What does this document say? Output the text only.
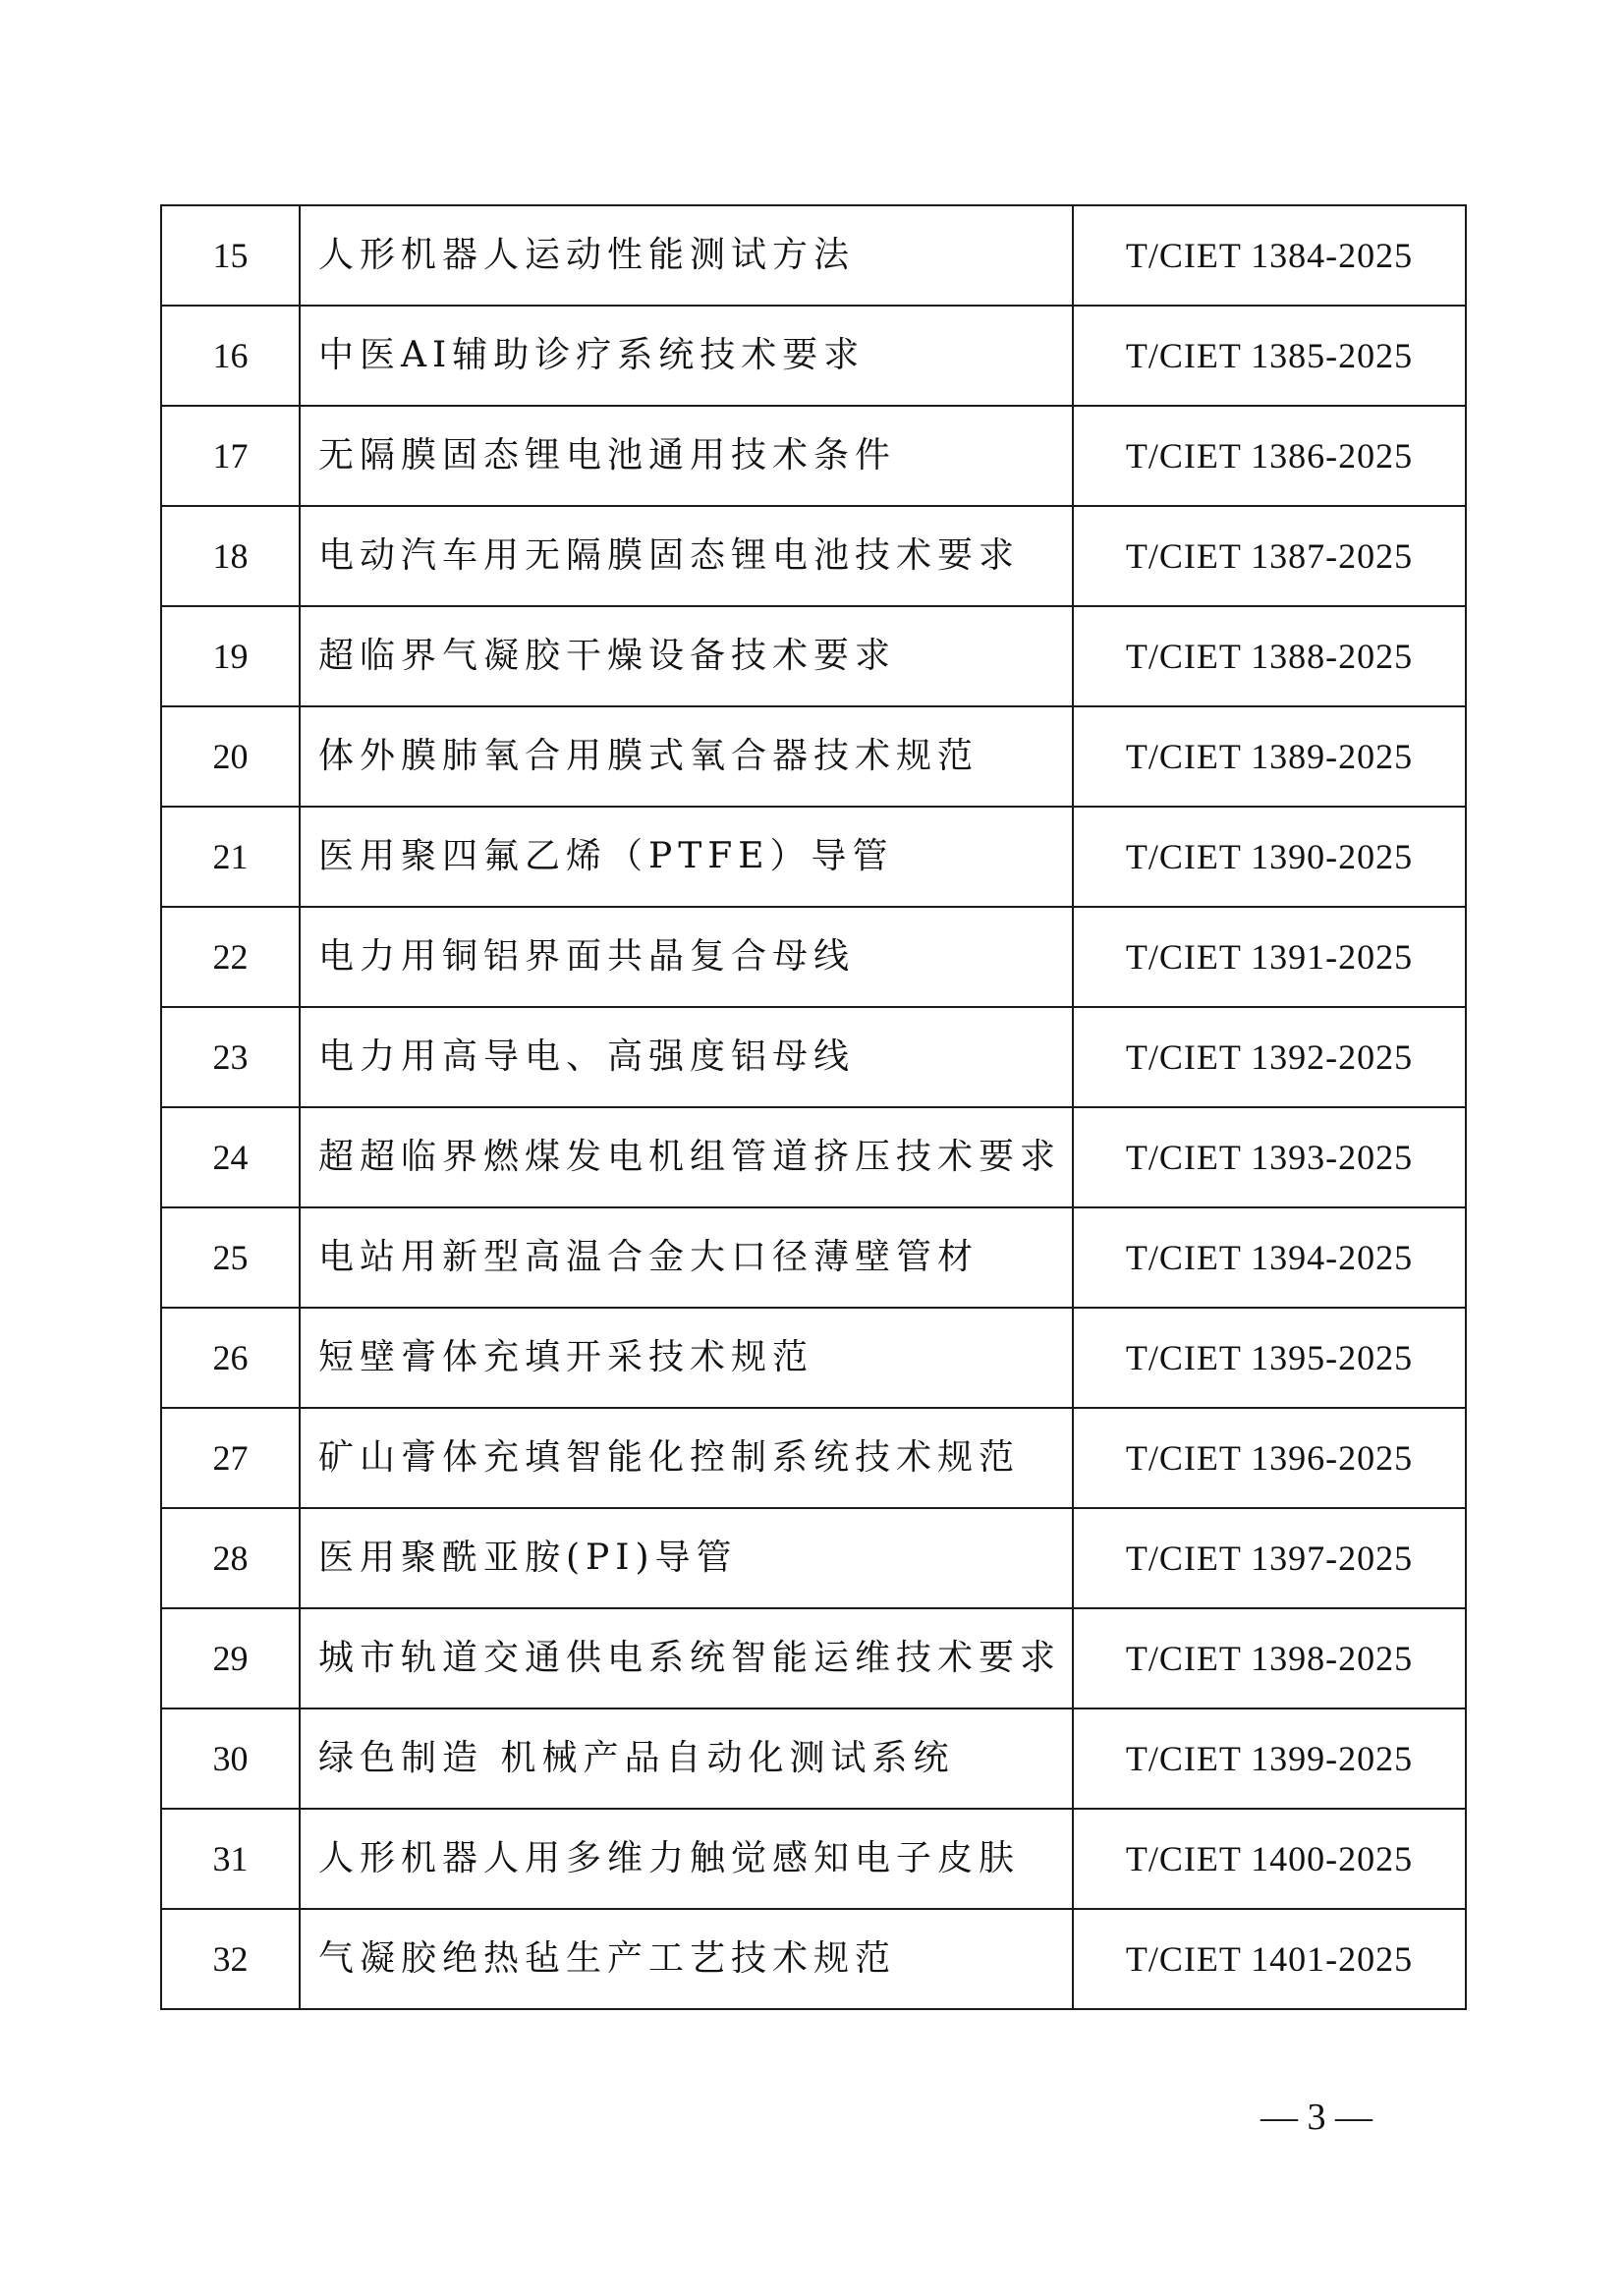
15	人形机器人运动性能测试方法	T/CIET 1384-2025
16	中医AI辅助诊疗系统技术要求	T/CIET 1385-2025
17	无隔膜固态锂电池通用技术条件	T/CIET 1386-2025
18	电动汽车用无隔膜固态锂电池技术要求	T/CIET 1387-2025
19	超临界气凝胶干燥设备技术要求	T/CIET 1388-2025
20	体外膜肺氧合用膜式氧合器技术规范	T/CIET 1389-2025
21	医用聚四氟乙烯（PTFE）导管	T/CIET 1390-2025
22	电力用铜铝界面共晶复合母线	T/CIET 1391-2025
23	电力用高导电、高强度铝母线	T/CIET 1392-2025
24	超超临界燃煤发电机组管道挤压技术要求	T/CIET 1393-2025
25	电站用新型高温合金大口径薄壁管材	T/CIET 1394-2025
26	短壁膏体充填开采技术规范	T/CIET 1395-2025
27	矿山膏体充填智能化控制系统技术规范	T/CIET 1396-2025
28	医用聚酰亚胺(PI)导管	T/CIET 1397-2025
29	城市轨道交通供电系统智能运维技术要求	T/CIET 1398-2025
30	绿色制造 机械产品自动化测试系统	T/CIET 1399-2025
31	人形机器人用多维力触觉感知电子皮肤	T/CIET 1400-2025
32	气凝胶绝热毡生产工艺技术规范	T/CIET 1401-2025
— 3 —
